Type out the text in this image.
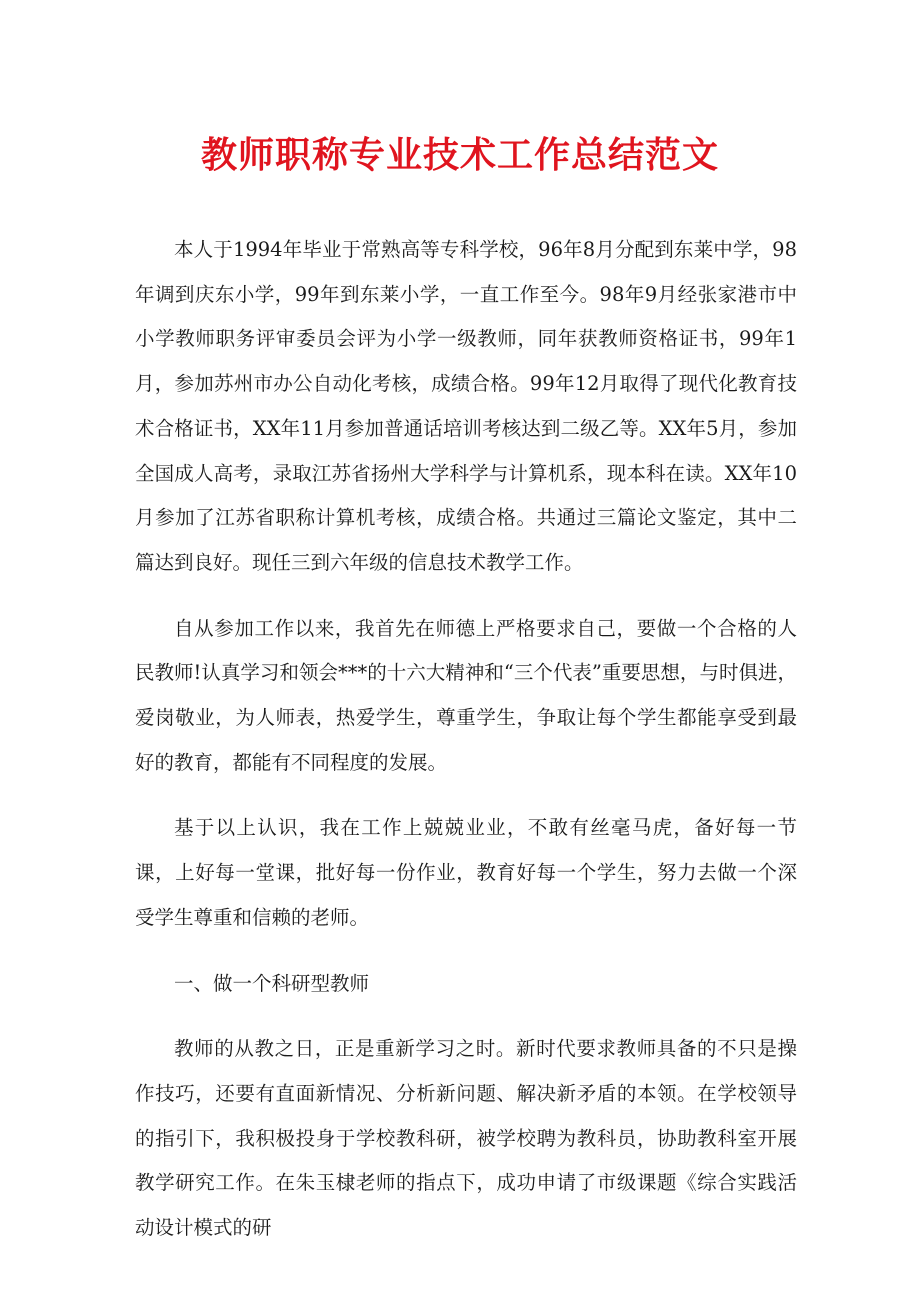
教师职称专业技术工作总结范文

本人于1994年毕业于常熟高等专科学校，96年8月分配到东莱中学，98年调到庆东小学，99年到东莱小学，一直工作至今。98年9月经张家港市中小学教师职务评审委员会评为小学一级教师，同年获教师资格证书，99年1月，参加苏州市办公自动化考核，成绩合格。99年12月取得了现代化教育技术合格证书，XX年11月参加普通话培训考核达到二级乙等。XX年5月，参加全国成人高考，录取江苏省扬州大学科学与计算机系，现本科在读。XX年10月参加了江苏省职称计算机考核，成绩合格。共通过三篇论文鉴定，其中二篇达到良好。现任三到六年级的信息技术教学工作。

自从参加工作以来，我首先在师德上严格要求自己，要做一个合格的人民教师!认真学习和领会***的十六大精神和“三个代表”重要思想，与时俱进，爱岗敬业，为人师表，热爱学生，尊重学生，争取让每个学生都能享受到最好的教育，都能有不同程度的发展。

基于以上认识，我在工作上兢兢业业，不敢有丝毫马虎，备好每一节课，上好每一堂课，批好每一份作业，教育好每一个学生，努力去做一个深受学生尊重和信赖的老师。

一、做一个科研型教师

教师的从教之日，正是重新学习之时。新时代要求教师具备的不只是操作技巧，还要有直面新情况、分析新问题、解决新矛盾的本领。在学校领导的指引下，我积极投身于学校教科研，被学校聘为教科员，协助教科室开展教学研究工作。在朱玉棣老师的指点下，成功申请了市级课题《综合实践活动设计模式的研
